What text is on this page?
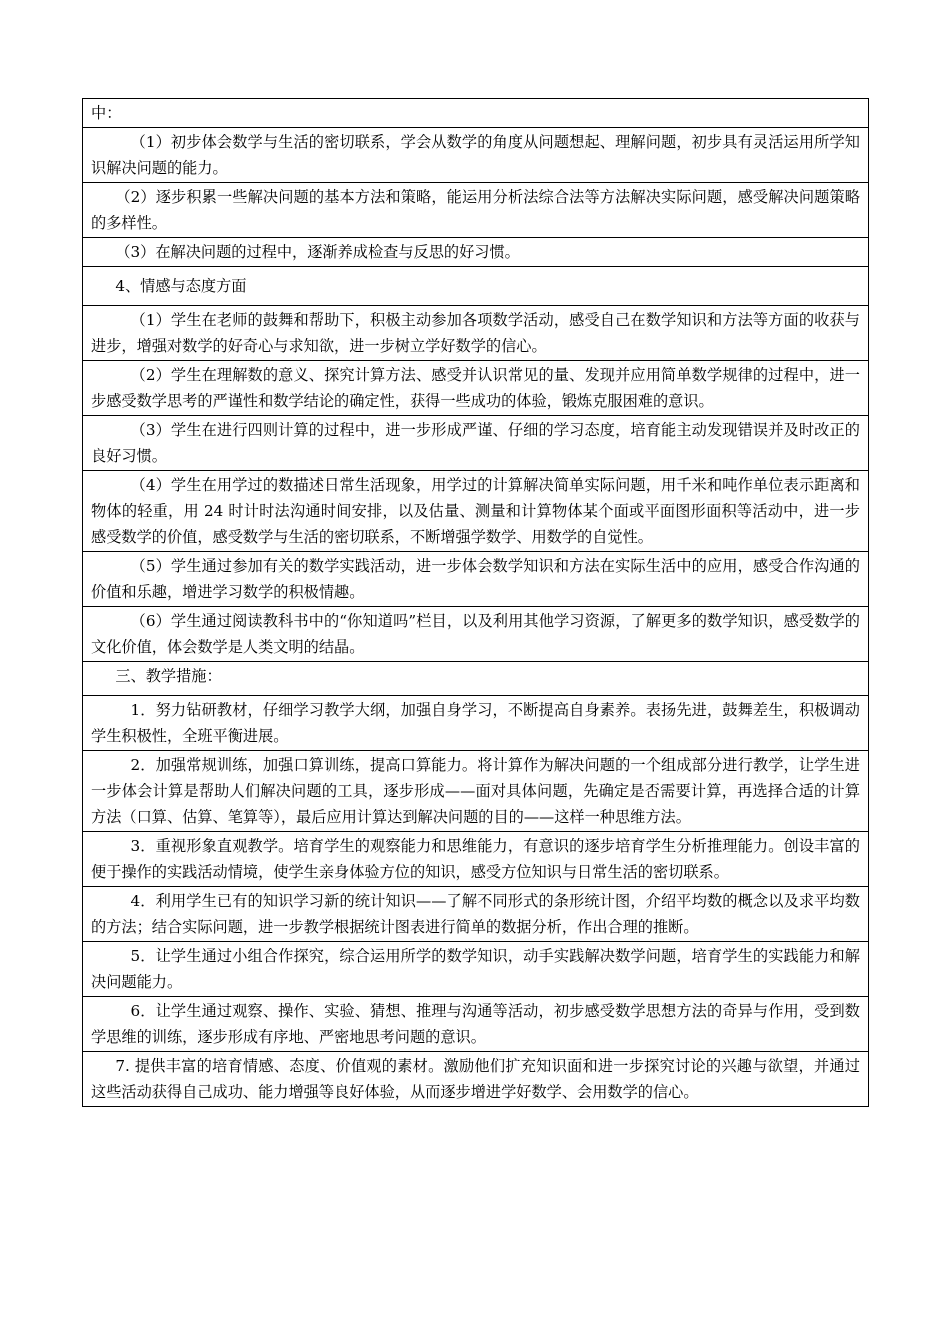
中：
（1）初步体会数学与生活的密切联系，学会从数学的角度从问题想起、理解问题，初步具有灵活运用所学知识解决问题的能力。
（2）逐步积累一些解决问题的基本方法和策略，能运用分析法综合法等方法解决实际问题，感受解决问题策略的多样性。
（3）在解决问题的过程中，逐渐养成检查与反思的好习惯。
4、情感与态度方面
（1）学生在老师的鼓舞和帮助下，积极主动参加各项数学活动，感受自己在数学知识和方法等方面的收获与进步，增强对数学的好奇心与求知欲，进一步树立学好数学的信心。
（2）学生在理解数的意义、探究计算方法、感受并认识常见的量、发现并应用简单数学规律的过程中，进一步感受数学思考的严谨性和数学结论的确定性，获得一些成功的体验，锻炼克服困难的意识。
（3）学生在进行四则计算的过程中，进一步形成严谨、仔细的学习态度，培育能主动发现错误并及时改正的良好习惯。
（4）学生在用学过的数描述日常生活现象，用学过的计算解决简单实际问题，用千米和吨作单位表示距离和物体的轻重，用 24 时计时法沟通时间安排，以及估量、测量和计算物体某个面或平面图形面积等活动中，进一步感受数学的价值，感受数学与生活的密切联系，不断增强学数学、用数学的自觉性。
（5）学生通过参加有关的数学实践活动，进一步体会数学知识和方法在实际生活中的应用，感受合作沟通的价值和乐趣，增进学习数学的积极情趣。
（6）学生通过阅读教科书中的“你知道吗”栏目，以及利用其他学习资源，了解更多的数学知识，感受数学的文化价值，体会数学是人类文明的结晶。
三、教学措施：
1．努力钻研教材，仔细学习教学大纲，加强自身学习，不断提高自身素养。表扬先进，鼓舞差生，积极调动学生积极性，全班平衡进展。
2．加强常规训练，加强口算训练，提高口算能力。将计算作为解决问题的一个组成部分进行教学，让学生进一步体会计算是帮助人们解决问题的工具，逐步形成——面对具体问题，先确定是否需要计算，再选择合适的计算方法（口算、估算、笔算等），最后应用计算达到解决问题的目的——这样一种思维方法。
3．重视形象直观教学。培育学生的观察能力和思维能力，有意识的逐步培育学生分析推理能力。创设丰富的便于操作的实践活动情境，使学生亲身体验方位的知识，感受方位知识与日常生活的密切联系。
4．利用学生已有的知识学习新的统计知识——了解不同形式的条形统计图，介绍平均数的概念以及求平均数的方法；结合实际问题，进一步教学根据统计图表进行简单的数据分析，作出合理的推断。
5．让学生通过小组合作探究，综合运用所学的数学知识，动手实践解决数学问题，培育学生的实践能力和解决问题能力。
6．让学生通过观察、操作、实验、猜想、推理与沟通等活动，初步感受数学思想方法的奇异与作用，受到数学思维的训练，逐步形成有序地、严密地思考问题的意识。
7. 提供丰富的培育情感、态度、价值观的素材。激励他们扩充知识面和进一步探究讨论的兴趣与欲望，并通过这些活动获得自己成功、能力增强等良好体验，从而逐步增进学好数学、会用数学的信心。
